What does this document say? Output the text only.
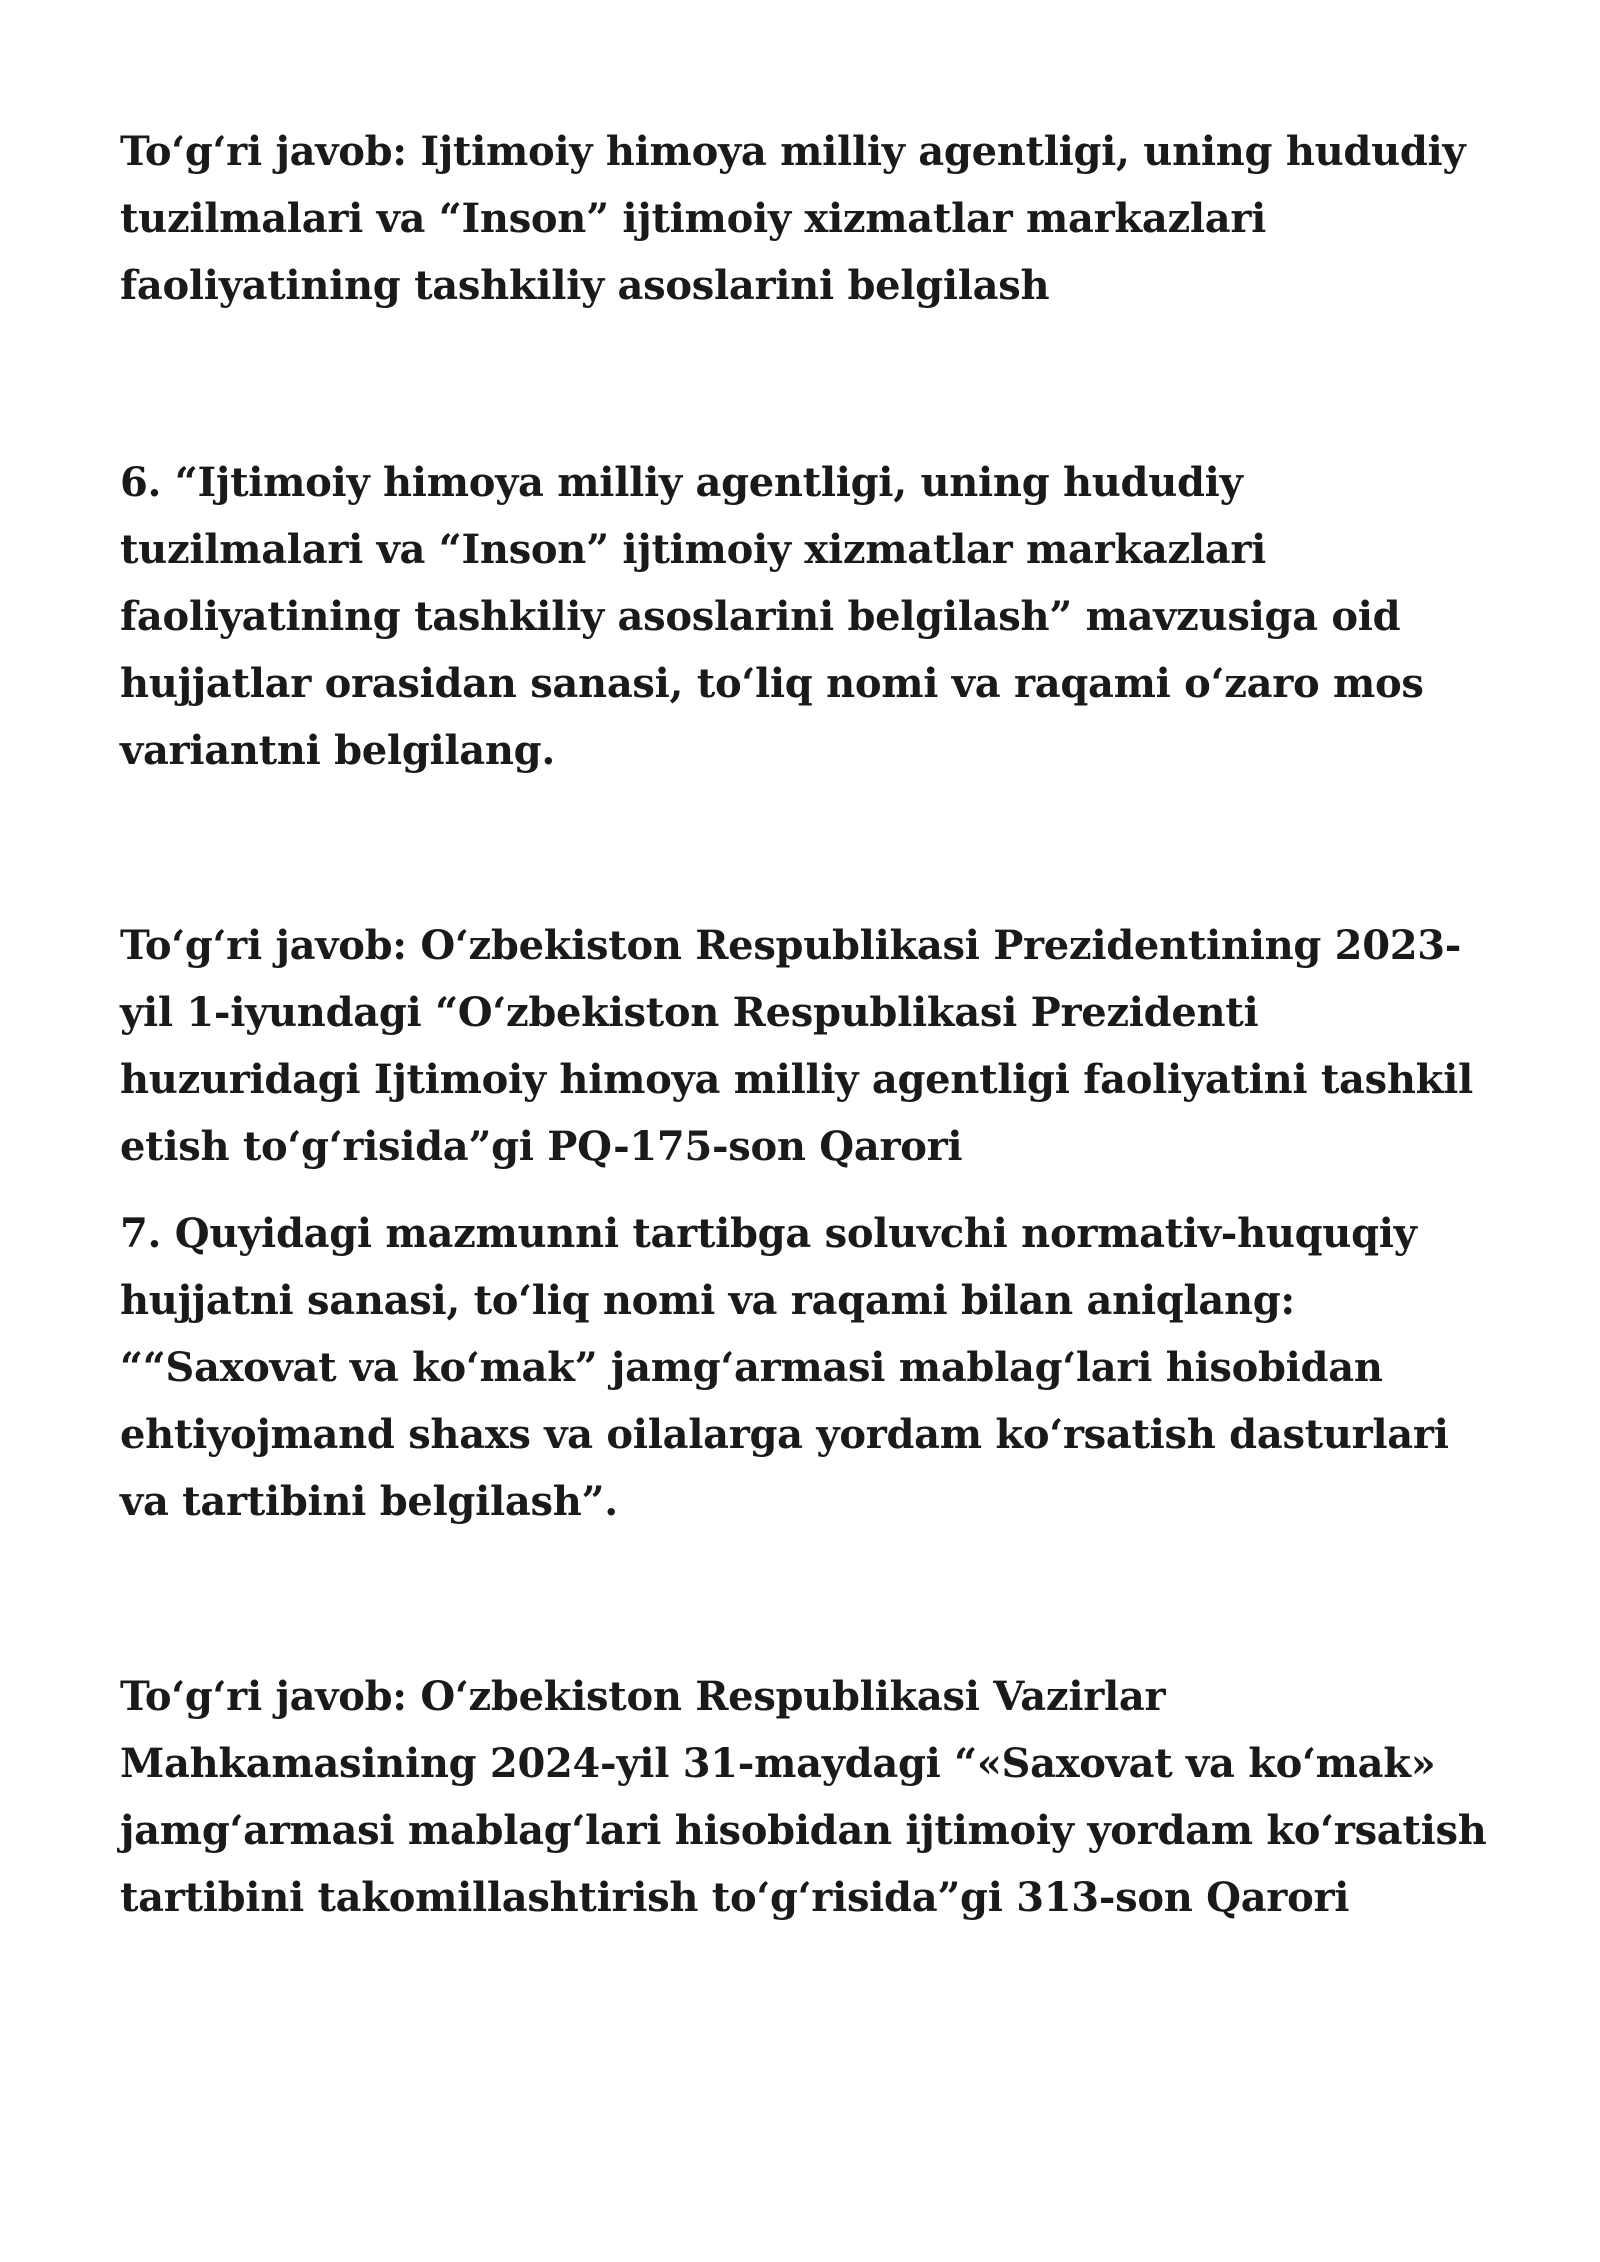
To‘g‘ri javob: Ijtimoiy himoya milliy agentligi, uning hududiy tuzilmalari va “Inson” ijtimoiy xizmatlar markazlari faoliyatining tashkiliy asoslarini belgilash

6. “Ijtimoiy himoya milliy agentligi, uning hududiy tuzilmalari va “Inson” ijtimoiy xizmatlar markazlari faoliyatining tashkiliy asoslarini belgilash” mavzusiga oid hujjatlar orasidan sanasi, to‘liq nomi va raqami o‘zaro mos variantni belgilang.

To‘g‘ri javob: O‘zbekiston Respublikasi Prezidentining 2023-yil 1-iyundagi “O‘zbekiston Respublikasi Prezidenti huzuridagi Ijtimoiy himoya milliy agentligi faoliyatini tashkil etish to‘g‘risida”gi PQ-175-son Qarori

7. Quyidagi mazmunni tartibga soluvchi normativ-huquqiy hujjatni sanasi, to‘liq nomi va raqami bilan aniqlang: ““Saxovat va ko‘mak” jamg‘armasi mablag‘lari hisobidan ehtiyojmand shaxs va oilalarga yordam ko‘rsatish dasturlari va tartibini belgilash”.

To‘g‘ri javob: O‘zbekiston Respublikasi Vazirlar Mahkamasining 2024-yil 31-maydagi “«Saxovat va ko‘mak» jamg‘armasi mablag‘lari hisobidan ijtimoiy yordam ko‘rsatish tartibini takomillashtirish to‘g‘risida”gi 313-son Qarori
